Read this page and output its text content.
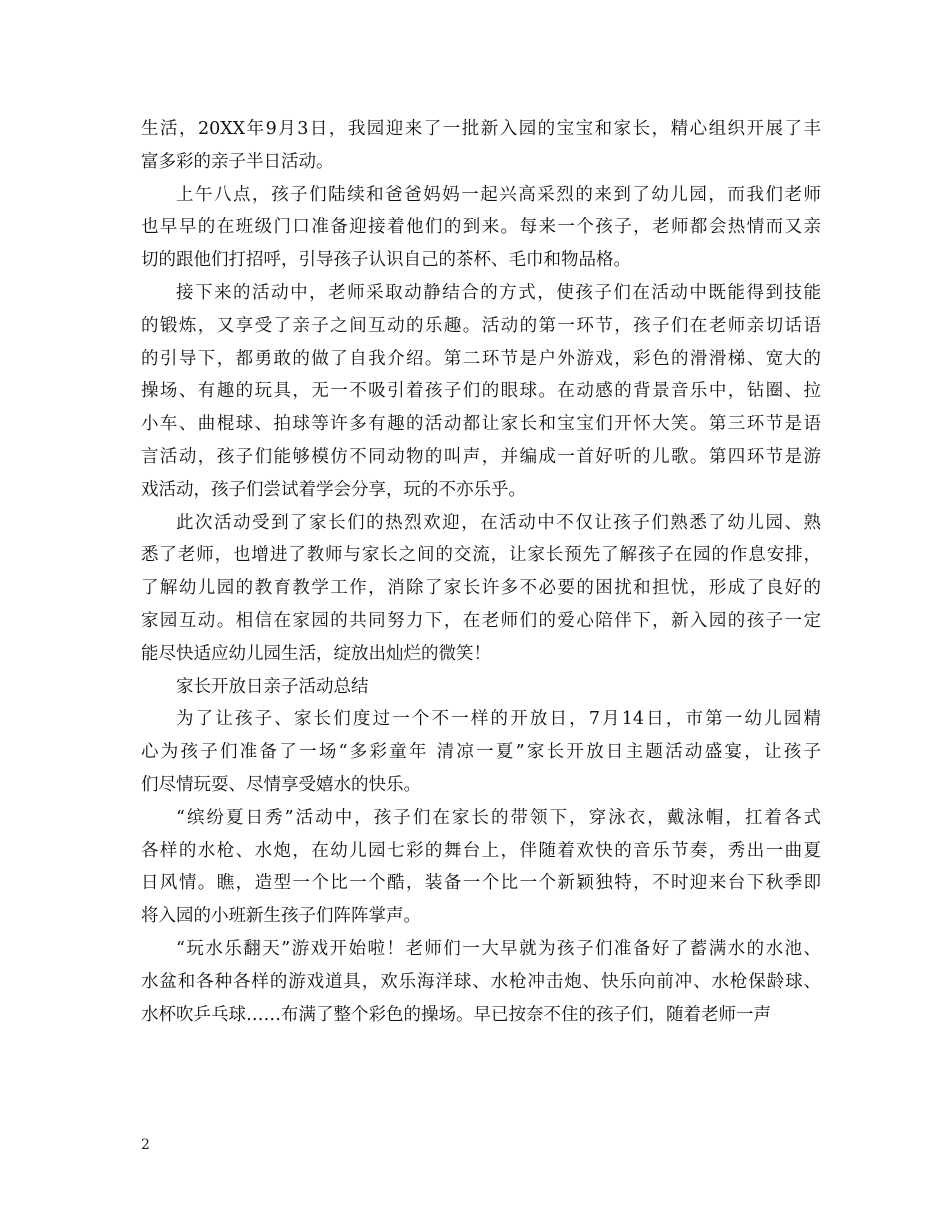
生活，20XX年9月3日，我园迎来了一批新入园的宝宝和家长，精心组织开展了丰
富多彩的亲子半日活动。
上午八点，孩子们陆续和爸爸妈妈一起兴高采烈的来到了幼儿园，而我们老师
也早早的在班级门口准备迎接着他们的到来。每来一个孩子，老师都会热情而又亲
切的跟他们打招呼，引导孩子认识自己的茶杯、毛巾和物品格。
接下来的活动中，老师采取动静结合的方式，使孩子们在活动中既能得到技能
的锻炼，又享受了亲子之间互动的乐趣。活动的第一环节，孩子们在老师亲切话语
的引导下，都勇敢的做了自我介绍。第二环节是户外游戏，彩色的滑滑梯、宽大的
操场、有趣的玩具，无一不吸引着孩子们的眼球。在动感的背景音乐中，钻圈、拉
小车、曲棍球、拍球等许多有趣的活动都让家长和宝宝们开怀大笑。第三环节是语
言活动，孩子们能够模仿不同动物的叫声，并编成一首好听的儿歌。第四环节是游
戏活动，孩子们尝试着学会分享，玩的不亦乐乎。
此次活动受到了家长们的热烈欢迎，在活动中不仅让孩子们熟悉了幼儿园、熟
悉了老师，也增进了教师与家长之间的交流，让家长预先了解孩子在园的作息安排，
了解幼儿园的教育教学工作，消除了家长许多不必要的困扰和担忧，形成了良好的
家园互动。相信在家园的共同努力下，在老师们的爱心陪伴下，新入园的孩子一定
能尽快适应幼儿园生活，绽放出灿烂的微笑！
家长开放日亲子活动总结
为了让孩子、家长们度过一个不一样的开放日，7月14日，市第一幼儿园精
心为孩子们准备了一场“多彩童年 清凉一夏”家长开放日主题活动盛宴，让孩子
们尽情玩耍、尽情享受嬉水的快乐。
“缤纷夏日秀”活动中，孩子们在家长的带领下，穿泳衣，戴泳帽，扛着各式
各样的水枪、水炮，在幼儿园七彩的舞台上，伴随着欢快的音乐节奏，秀出一曲夏
日风情。瞧，造型一个比一个酷，装备一个比一个新颖独特，不时迎来台下秋季即
将入园的小班新生孩子们阵阵掌声。
“玩水乐翻天”游戏开始啦！老师们一大早就为孩子们准备好了蓄满水的水池、
水盆和各种各样的游戏道具，欢乐海洋球、水枪冲击炮、快乐向前冲、水枪保龄球、
水杯吹乒乓球……布满了整个彩色的操场。早已按奈不住的孩子们，随着老师一声
2
